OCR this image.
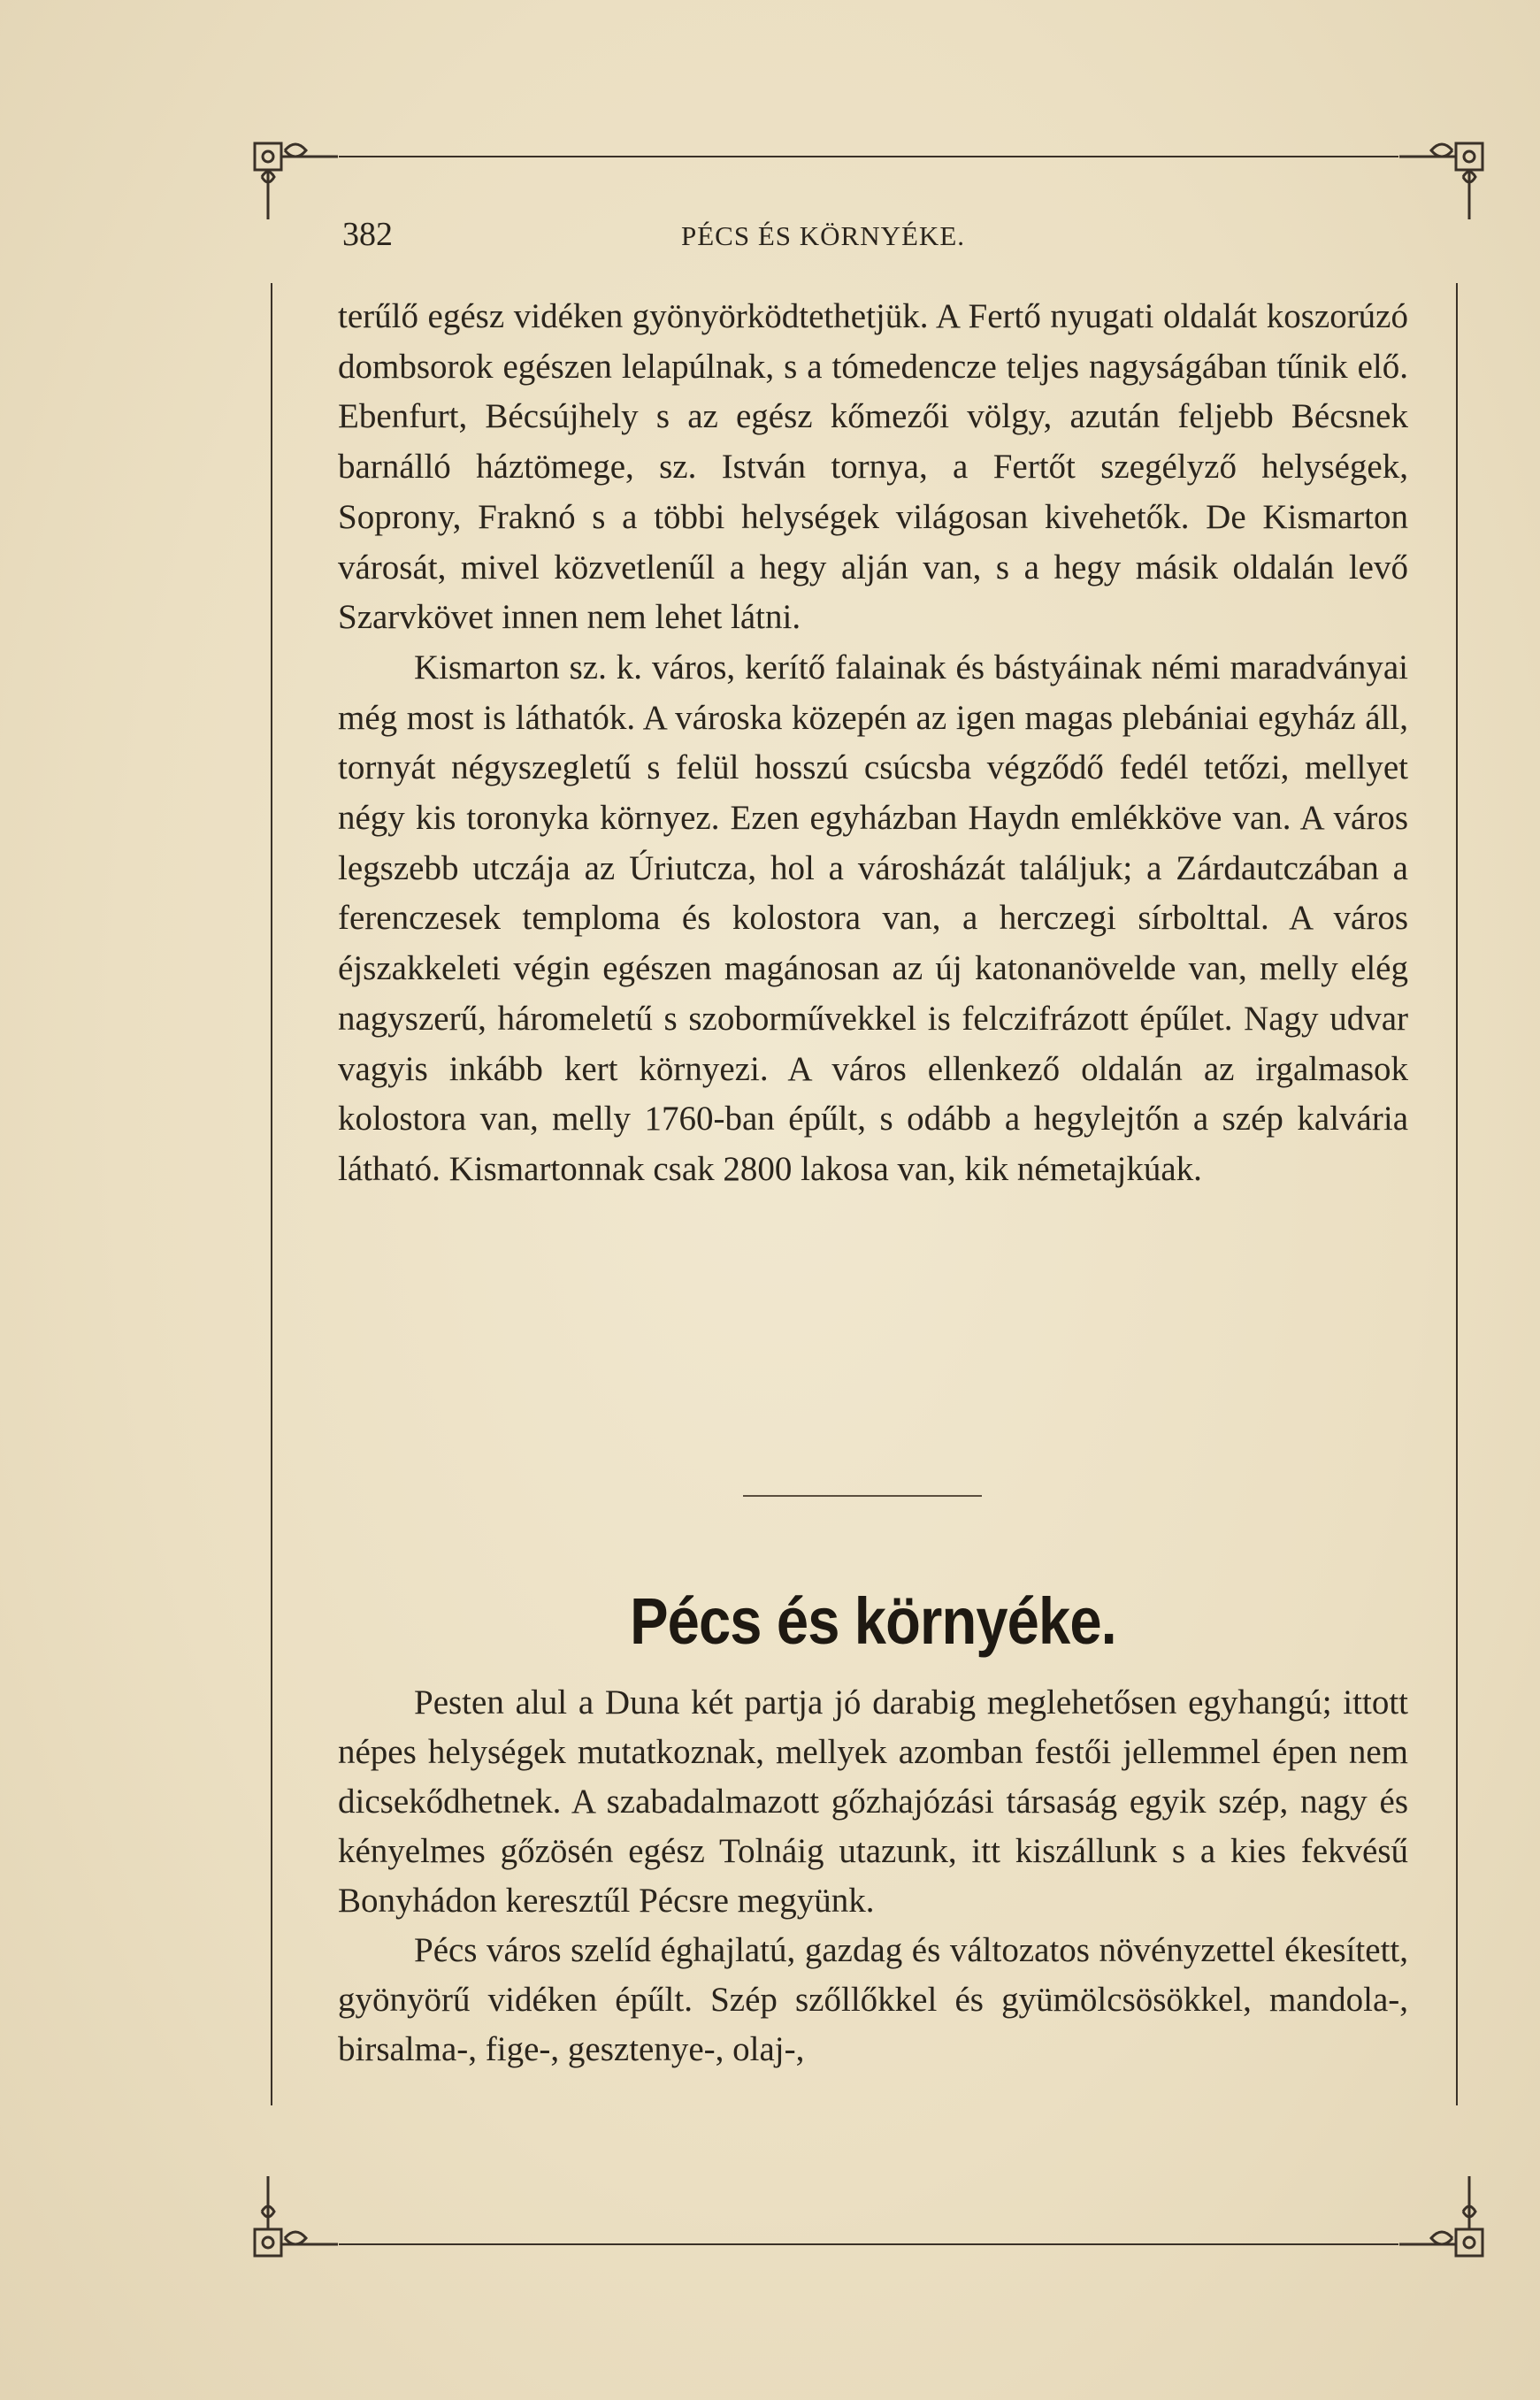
382	PÉCS ÉS KÖRNYÉKE.

terűlő egész vidéken gyönyörködtethetjük. A Fertő nyugati oldalát koszorúzó dombsorok egészen lelapúlnak, s a tómedencze teljes nagyságában tűnik elő. Ebenfurt, Bécsújhely s az egész kőmezői völgy, azután feljebb Bécsnek barnálló háztömege, sz. István tornya, a Fertőt szegélyző helységek, Soprony, Fraknó s a többi helységek világosan kivehetők. De Kismarton városát, mivel közvetlenűl a hegy alján van, s a hegy másik oldalán levő Szarvkövet innen nem lehet látni.

Kismarton sz. k. város, kerítő falainak és bástyáinak némi maradványai még most is láthatók. A városka közepén az igen magas plebániai egyház áll, tornyát négyszegletű s felül hosszú csúcsba végződő fedél tetőzi, mellyet négy kis toronyka környez. Ezen egyházban Haydn emlékköve van. A város legszebb utczája az Úriutcza, hol a városházát találjuk; a Zárdautczában a ferenczesek temploma és kolostora van, a herczegi sírbolttal. A város éjszakkeleti végin egészen magánosan az új katonanövelde van, melly elég nagyszerű, háromeletű s szoborművekkel is felczifrázott épűlet. Nagy udvar vagyis inkább kert környezi. A város ellenkező oldalán az irgalmasok kolostora van, melly 1760-ban épűlt, s odább a hegylejtőn a szép kalvária látható. Kismartonnak csak 2800 lakosa van, kik németajkúak.

Pécs és környéke.

Pesten alul a Duna két partja jó darabig meglehetősen egyhangú; ittott népes helységek mutatkoznak, mellyek azomban festői jellemmel épen nem dicsekődhetnek. A szabadalmazott gőzhajózási társaság egyik szép, nagy és kényelmes gőzösén egész Tolnáig utazunk, itt kiszállunk s a kies fekvésű Bonyhádon keresztűl Pécsre megyünk.

Pécs város szelíd éghajlatú, gazdag és változatos növényzettel ékesített, gyönyörű vidéken épűlt. Szép szőllőkkel és gyümölcsösökkel, mandola-, birsalma-, fige-, gesztenye-, olaj-,
